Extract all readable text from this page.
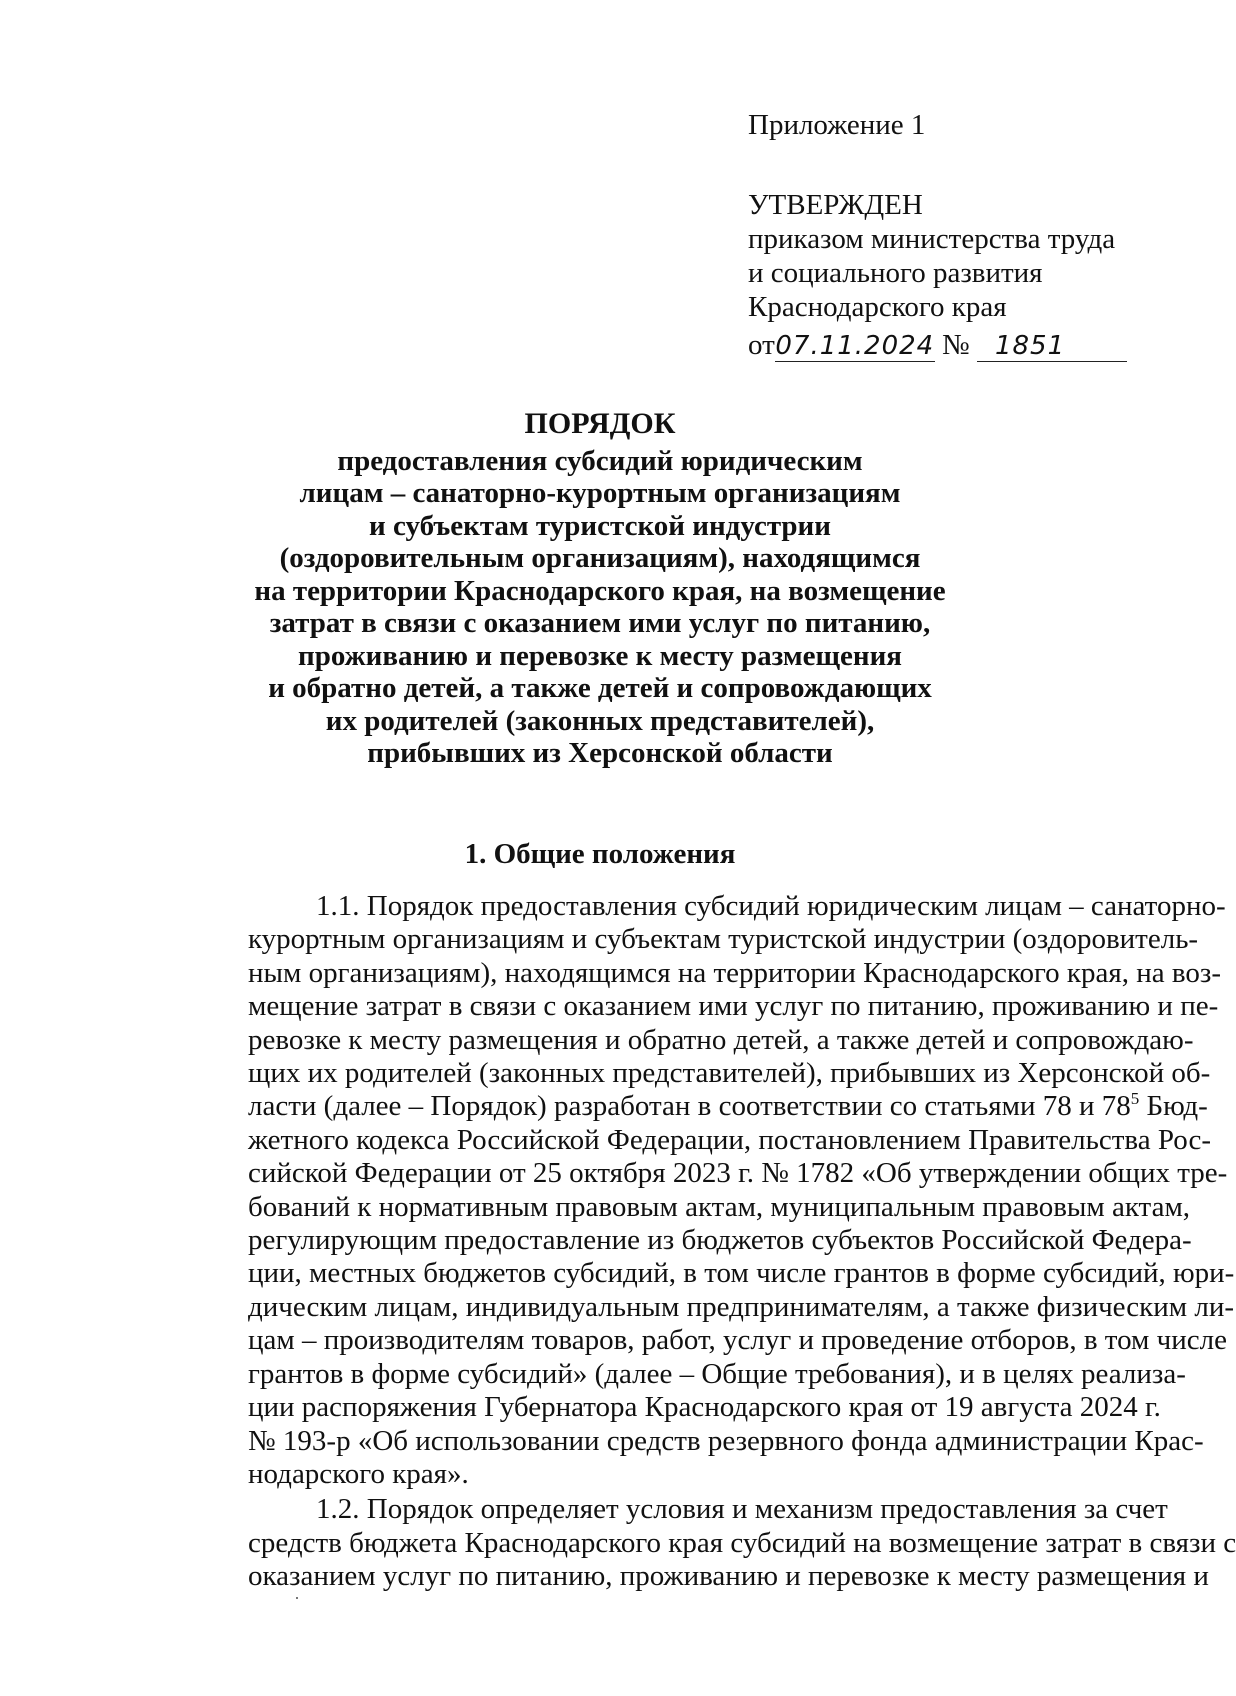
Приложение 1
УТВЕРЖДЕН
приказом министерства труда
и социального развития
Краснодарского края
от07.11.2024 № 1851
ПОРЯДОК
предоставления субсидий юридическим
лицам – санаторно-курортным организациям
и субъектам туристской индустрии
(оздоровительным организациям), находящимся
на территории Краснодарского края, на возмещение
затрат в связи с оказанием ими услуг по питанию,
проживанию и перевозке к месту размещения
и обратно детей, а также детей и сопровождающих
их родителей (законных представителей),
прибывших из Херсонской области
1. Общие положения
1.1. Порядок предоставления субсидий юридическим лицам – санаторно-
курортным организациям и субъектам туристской индустрии (оздоровитель-
ным организациям), находящимся на территории Краснодарского края, на воз-
мещение затрат в связи с оказанием ими услуг по питанию, проживанию и пе-
ревозке к месту размещения и обратно детей, а также детей и сопровождаю-
щих их родителей (законных представителей), прибывших из Херсонской об-
ласти (далее – Порядок) разработан в соответствии со статьями 78 и $78^5$ Бюд-
жетного кодекса Российской Федерации, постановлением Правительства Рос-
сийской Федерации от 25 октября 2023 г. № 1782 «Об утверждении общих тре-
бований к нормативным правовым актам, муниципальным правовым актам,
регулирующим предоставление из бюджетов субъектов Российской Федера-
ции, местных бюджетов субсидий, в том числе грантов в форме субсидий, юри-
дическим лицам, индивидуальным предпринимателям, а также физическим ли-
цам – производителям товаров, работ, услуг и проведение отборов, в том числе
грантов в форме субсидий» (далее – Общие требования), и в целях реализа-
ции распоряжения Губернатора Краснодарского края от 19 августа 2024 г.
№ 193-р «Об использовании средств резервного фонда администрации Крас-
нодарского края».
1.2. Порядок определяет условия и механизм предоставления за счет
средств бюджета Краснодарского края субсидий на возмещение затрат в связи с
оказанием услуг по питанию, проживанию и перевозке к месту размещения и
